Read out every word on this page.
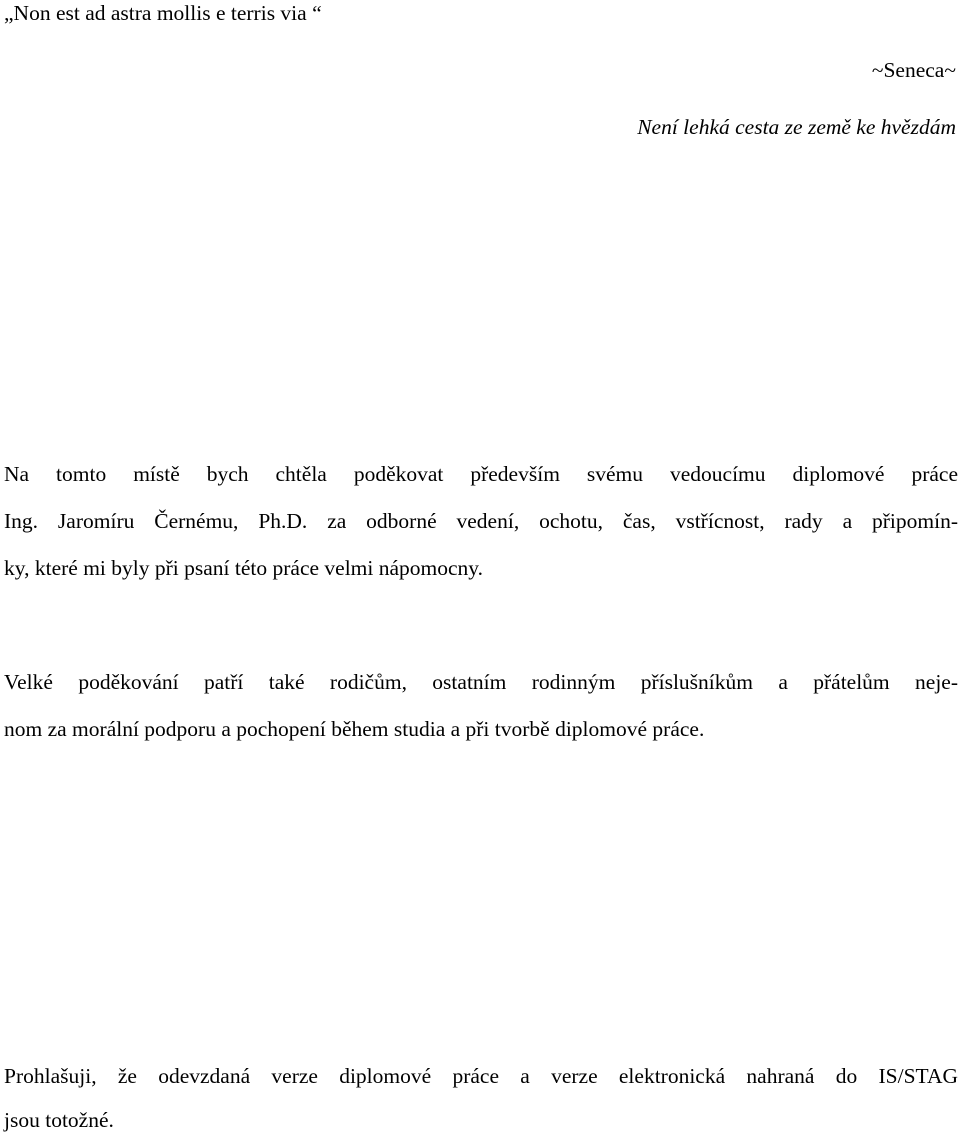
„Non est ad astra mollis e terris via “
~Seneca~
Není lehká cesta ze země ke hvězdám
Na tomto místě bych chtěla poděkovat především svému vedoucímu diplomové práce
Ing. Jaromíru Černému, Ph.D. za odborné vedení, ochotu, čas, vstřícnost, rady a připomín-
ky, které mi byly při psaní této práce velmi nápomocny.
Velké poděkování patří také rodičům, ostatním rodinným příslušníkům a přátelům neje-
nom za morální podporu a pochopení během studia a při tvorbě diplomové práce.
Prohlašuji, že odevzdaná verze diplomové práce a verze elektronická nahraná do IS/STAG
jsou totožné.
